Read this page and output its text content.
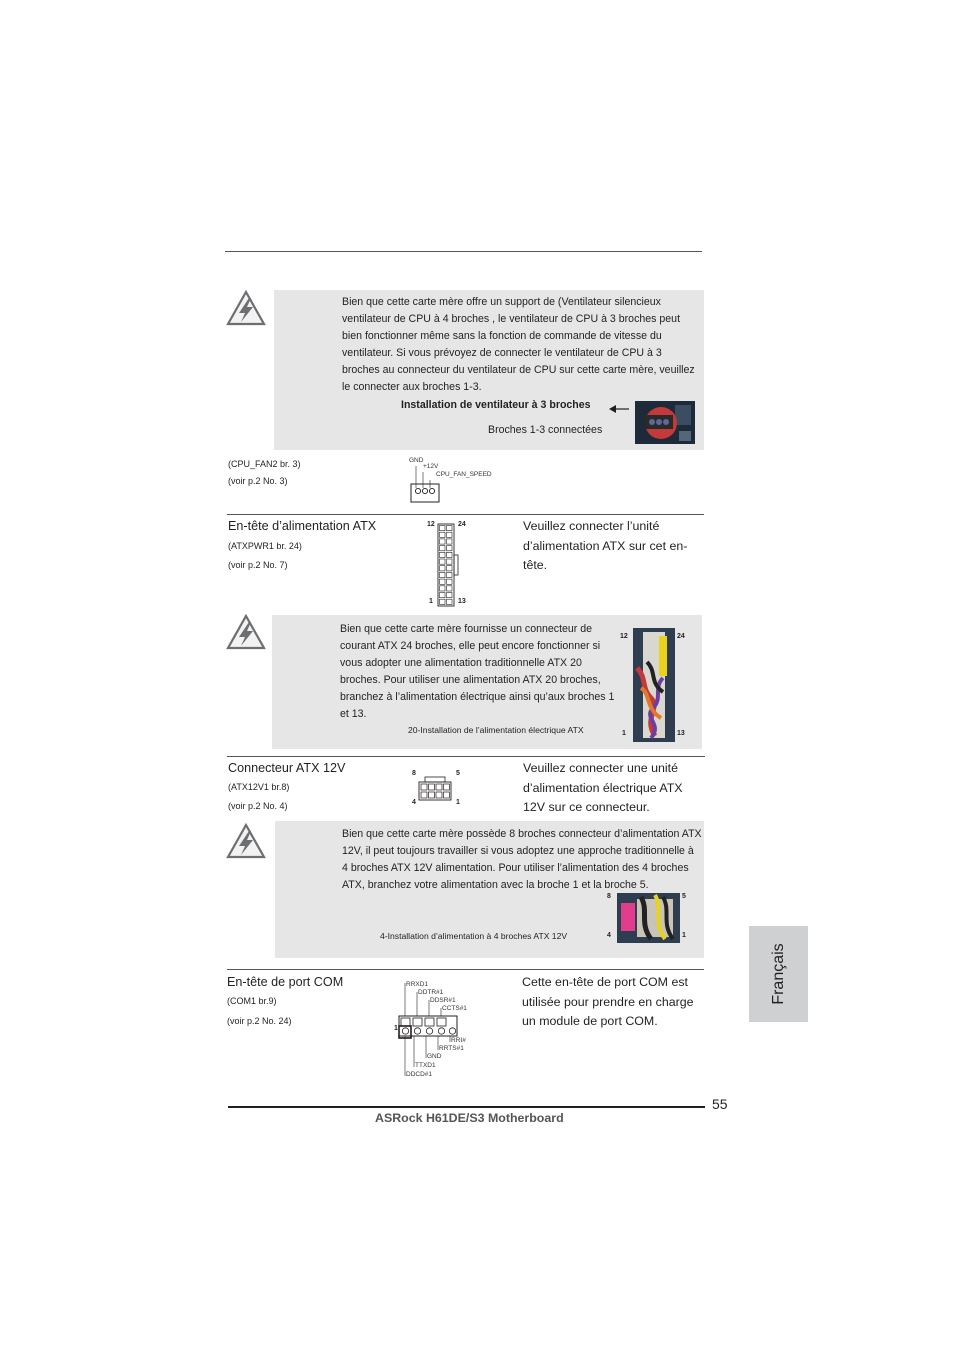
Bien que cette carte mère offre un support de (Ventilateur silencieux ventilateur de CPU à 4 broches , le ventilateur de CPU à 3 broches peut bien fonctionner même sans la fonction de commande de vitesse du ventilateur. Si vous prévoyez de connecter le ventilateur de CPU à 3 broches au connecteur du ventilateur de CPU sur cette carte mère, veuillez le connecter aux broches 1-3.
Installation de ventilateur à 3 broches
Broches 1-3 connectées
(CPU_FAN2 br. 3)
(voir p.2 No. 3)
GND
+12V
CPU_FAN_SPEED
En-tête d’alimentation ATX
(ATXPWR1 br. 24)
(voir p.2 No. 7)
12	24
1	13
Veuillez connecter l’unité d’alimentation ATX sur cet en-tête.
Bien que cette carte mère fournisse un connecteur de courant ATX 24 broches, elle peut encore fonctionner si vous adopter une alimentation traditionnelle ATX 20 broches. Pour utiliser une alimentation ATX 20 broches, branchez à l’alimentation électrique ainsi qu’aux broches 1 et 13.
20-Installation de l’alimentation électrique ATX
12	24
1	13
Connecteur ATX 12V
(ATX12V1 br.8)
(voir p.2 No. 4)
8	5
4	1
Veuillez connecter une unité d’alimentation électrique ATX 12V sur ce connecteur.
Bien que cette carte mère possède 8 broches connecteur d’alimentation ATX 12V, il peut toujours travailler si vous adoptez une approche traditionnelle à 4 broches ATX 12V alimentation. Pour utiliser l’alimentation des 4 broches ATX, branchez votre alimentation avec la broche 1 et la broche 5.
4-Installation d’alimentation à 4 broches ATX 12V
8	5
4	1
En-tête de port COM
(COM1 br.9)
(voir p.2 No. 24)
Cette en-tête de port COM est utilisée pour prendre en charge un module de port COM.
RRXD1
DDTR#1
DDSR#1
CCTS#1
RRI#
RRTS#1
GND
TTXD1
DDCD#1
1
Français
55
ASRock H61DE/S3 Motherboard
